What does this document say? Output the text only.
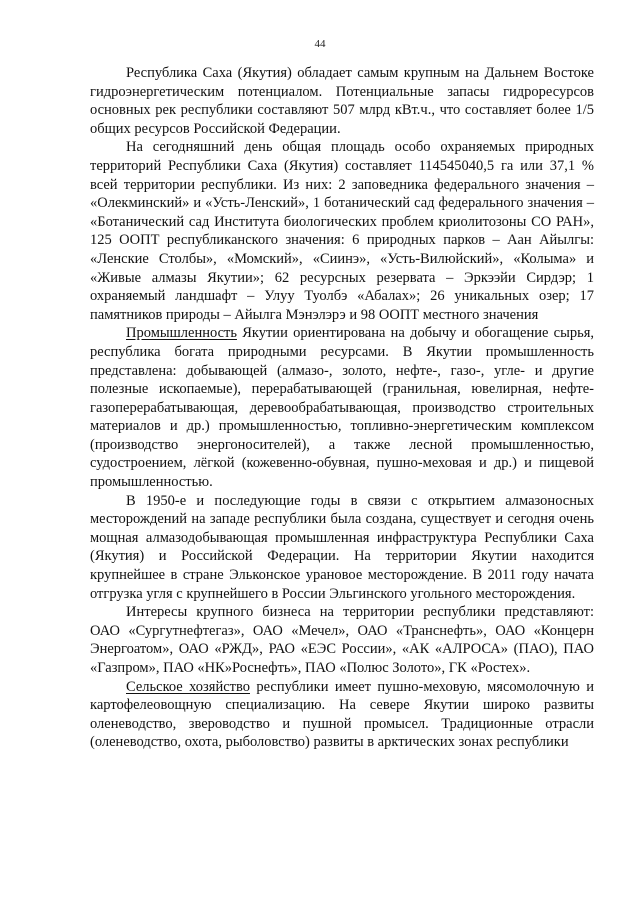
44

Республика Саха (Якутия) обладает самым крупным на Дальнем Востоке гидроэнергетическим потенциалом. Потенциальные запасы гидроресурсов основных рек республики составляют 507 млрд кВт.ч., что составляет более 1/5 общих ресурсов Российской Федерации.

На сегодняшний день общая площадь особо охраняемых природных территорий Республики Саха (Якутия) составляет 114545040,5 га или 37,1 % всей территории республики. Из них: 2 заповедника федерального значения – «Олекминский» и «Усть-Ленский», 1 ботанический сад федерального значения – «Ботанический сад Института биологических проблем криолитозоны СО РАН», 125 ООПТ республиканского значения: 6 природных парков – Аан Айылгы: «Ленские Столбы», «Момский», «Сиинэ», «Усть-Вилюйский», «Колыма» и «Живые алмазы Якутии»; 62 ресурсных резервата – Эркээйи Сирдэр; 1 охраняемый ландшафт – Улуу Туолбэ «Абалах»; 26 уникальных озер; 17 памятников природы – Айылга Мэнэлэрэ и 98 ООПТ местного значения

Промышленность Якутии ориентирована на добычу и обогащение сырья, республика богата природными ресурсами. В Якутии промышленность представлена: добывающей (алмазо-, золото, нефте-, газо-, угле- и другие полезные ископаемые), перерабатывающей (гранильная, ювелирная, нефте-газоперерабатывающая, деревообрабатывающая, производство строительных материалов и др.) промышленностью, топливно-энергетическим комплексом (производство энергоносителей), а также лесной промышленностью, судостроением, лёгкой (кожевенно-обувная, пушно-меховая и др.) и пищевой промышленностью.

В 1950-е и последующие годы в связи с открытием алмазоносных месторождений на западе республики была создана, существует и сегодня очень мощная алмазодобывающая промышленная инфраструктура Республики Саха (Якутия) и Российской Федерации. На территории Якутии находится крупнейшее в стране Эльконское урановое месторождение. В 2011 году начата отгрузка угля с крупнейшего в России Эльгинского угольного месторождения.

Интересы крупного бизнеса на территории республики представляют: ОАО «Сургутнефтегаз», ОАО «Мечел», ОАО «Транснефть», ОАО «Концерн Энергоатом», ОАО «РЖД», РАО «ЕЭС России», «АК «АЛРОСА» (ПАО), ПАО «Газпром», ПАО «НК»Роснефть», ПАО «Полюс Золото», ГК «Ростех».

Сельское хозяйство республики имеет пушно-меховую, мясомолочную и картофелеовощную специализацию. На севере Якутии широко развиты оленеводство, звероводство и пушной промысел. Традиционные отрасли (оленеводство, охота, рыболовство) развиты в арктических зонах республики
